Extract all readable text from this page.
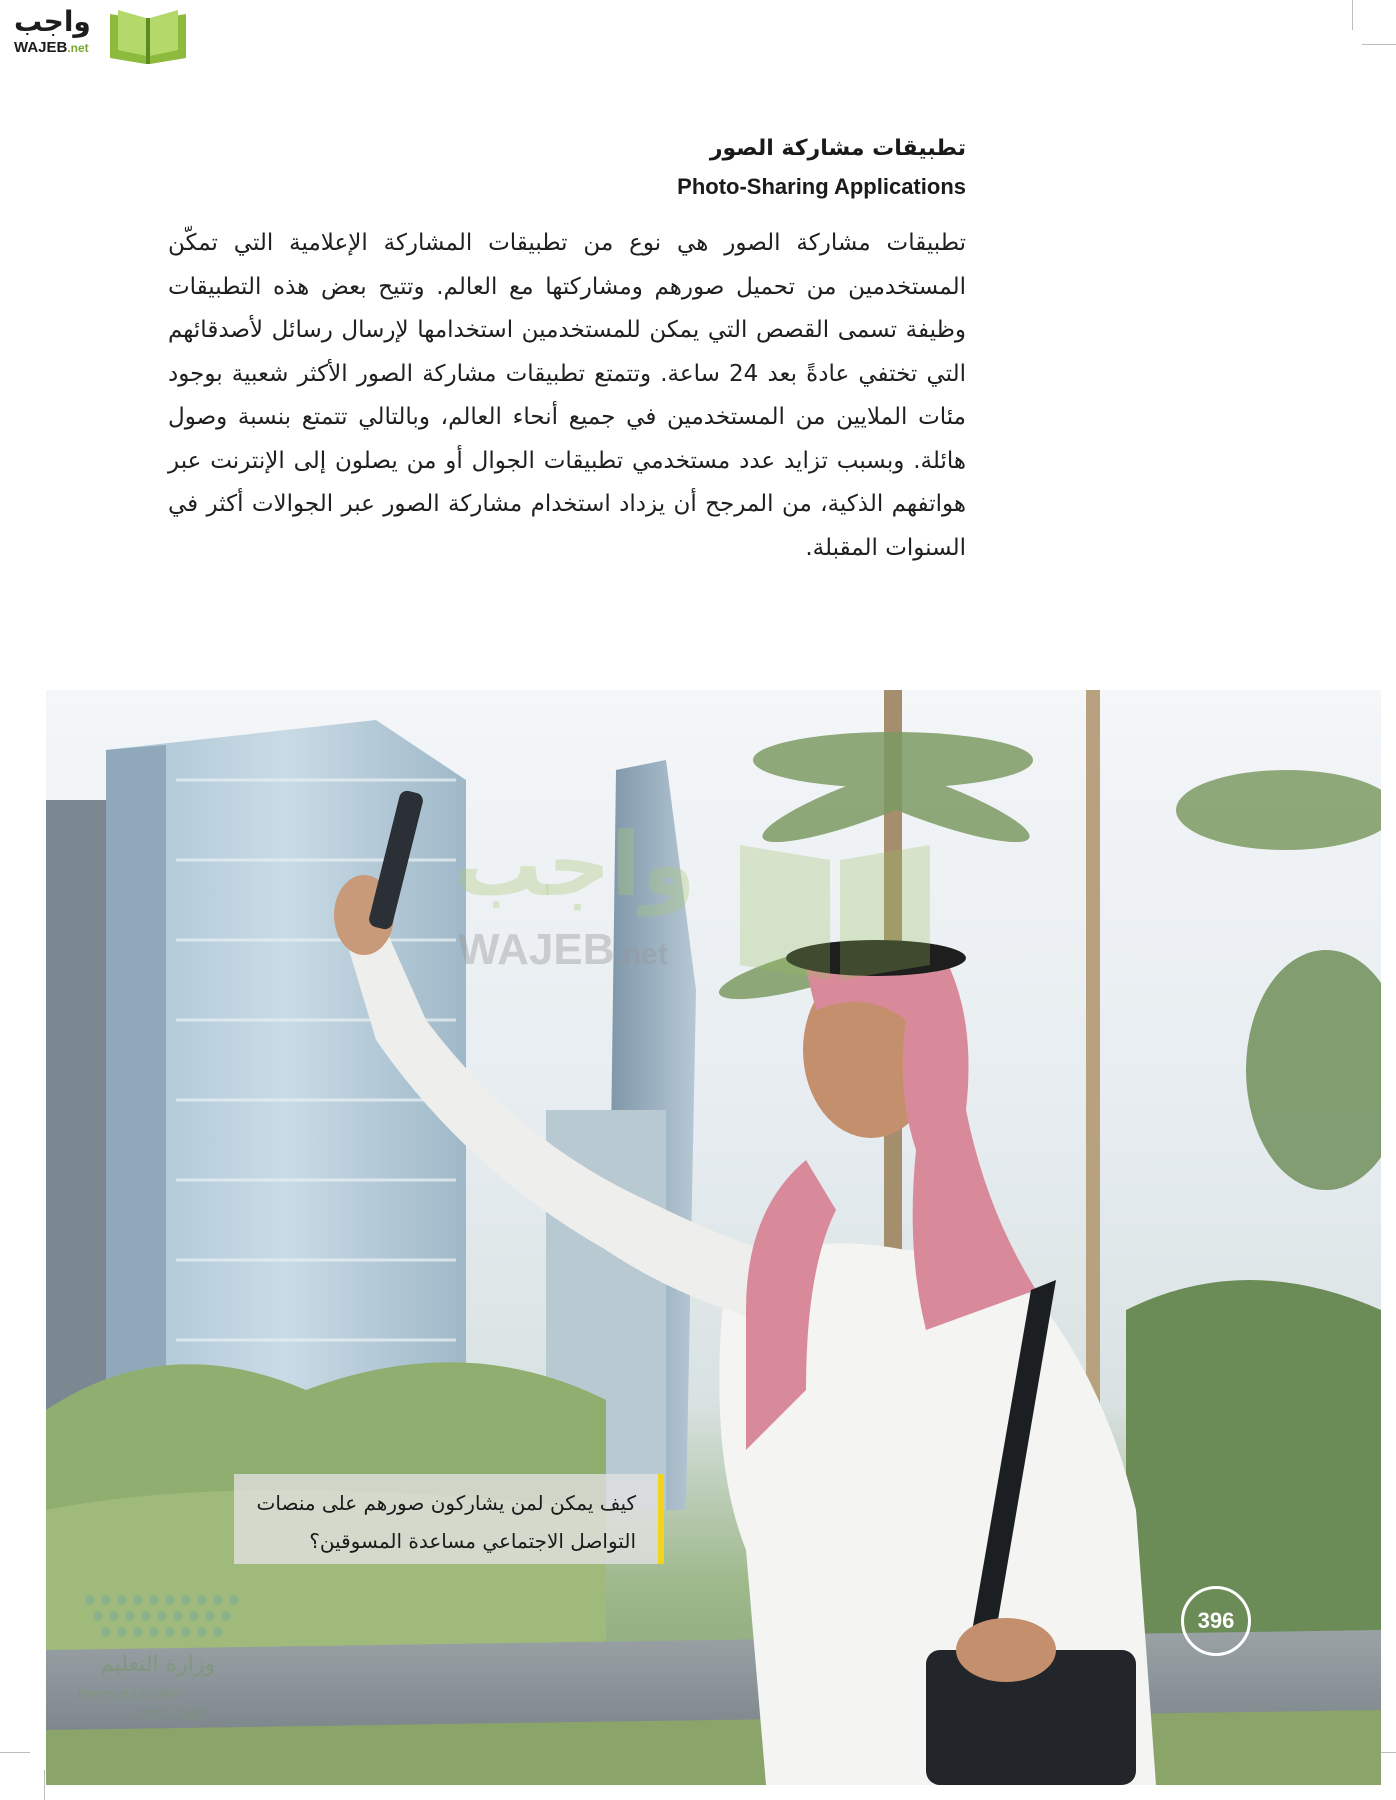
واجب
WAJEB.net
تطبيقات مشاركة الصور
Photo-Sharing Applications
تطبيقات مشاركة الصور هي نوع من تطبيقات المشاركة الإعلامية التي تمكّن المستخدمين من تحميل صورهم ومشاركتها مع العالم. وتتيح بعض هذه التطبيقات وظيفة تسمى القصص التي يمكن للمستخدمين استخدامها لإرسال رسائل لأصدقائهم التي تختفي عادةً بعد 24 ساعة. وتتمتع تطبيقات مشاركة الصور الأكثر شعبية بوجود مئات الملايين من المستخدمين في جميع أنحاء العالم، وبالتالي تتمتع بنسبة وصول هائلة. وبسبب تزايد عدد مستخدمي تطبيقات الجوال أو من يصلون إلى الإنترنت عبر هواتفهم الذكية، من المرجح أن يزداد استخدام مشاركة الصور عبر الجوالات أكثر في السنوات المقبلة.
واجب
WAJEB.net
كيف يمكن لمن يشاركون صورهم على منصات
التواصل الاجتماعي مساعدة المسوقين؟
396
وزارة التعليم
Ministry of Education
2025 - 1447
